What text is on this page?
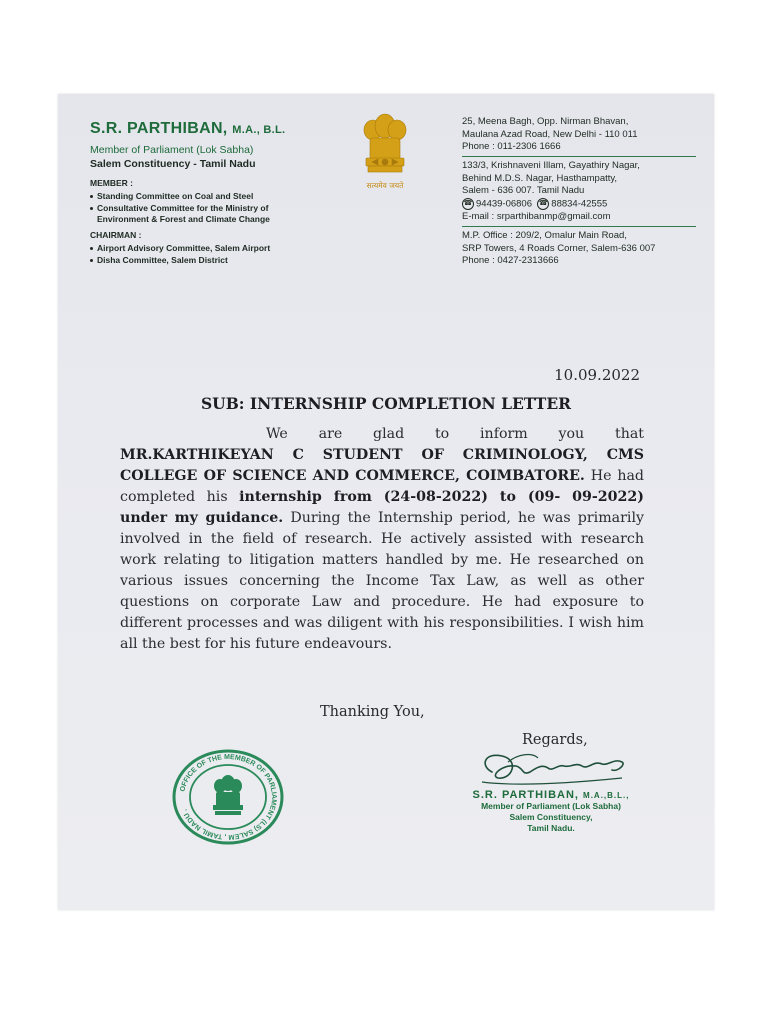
S.R. PARTHIBAN, M.A., B.L.
Member of Parliament (Lok Sabha)
Salem Constituency - Tamil Nadu
MEMBER :
Standing Committee on Coal and Steel
Consultative Committee for the Ministry of
Environment & Forest and Climate Change
CHAIRMAN :
Airport Advisory Committee, Salem Airport
Disha Committee, Salem District
सत्यमेव जयते
25, Meena Bagh, Opp. Nirman Bhavan,
Maulana Azad Road, New Delhi - 110 011
Phone : 011-2306 1666
133/3, Krishnaveni Illam, Gayathiry Nagar,
Behind M.D.S. Nagar, Hasthampatty,
Salem - 636 007. Tamil Nadu
☎ 94439-06806 ☎ 88834-42555
E-mail : srparthibanmp@gmail.com
M.P. Office : 209/2, Omalur Main Road,
SRP Towers, 4 Roads Corner, Salem-636 007
Phone : 0427-2313666
10.09.2022
SUB: INTERNSHIP COMPLETION LETTER
We are glad to inform you that MR.KARTHIKEYAN C STUDENT OF CRIMINOLOGY, CMS COLLEGE OF SCIENCE AND COMMERCE, COIMBATORE. He had completed his internship from (24-08-2022) to (09- 09-2022) under my guidance. During the Internship period, he was primarily involved in the field of research. He actively assisted with research work relating to litigation matters handled by me. He researched on various issues concerning the Income Tax Law, as well as other questions on corporate Law and procedure. He had exposure to different processes and was diligent with his responsibilities. I wish him all the best for his future endeavours.
Thanking You,
Regards,
S.R. PARTHIBAN, M.A.,B.L.,
Member of Parliament (Lok Sabha)
Salem Constituency,
Tamil Nadu.
OFFICE OF THE MEMBER OF PARLIAMENT (LS) SALEM , TAMIL NADU .
